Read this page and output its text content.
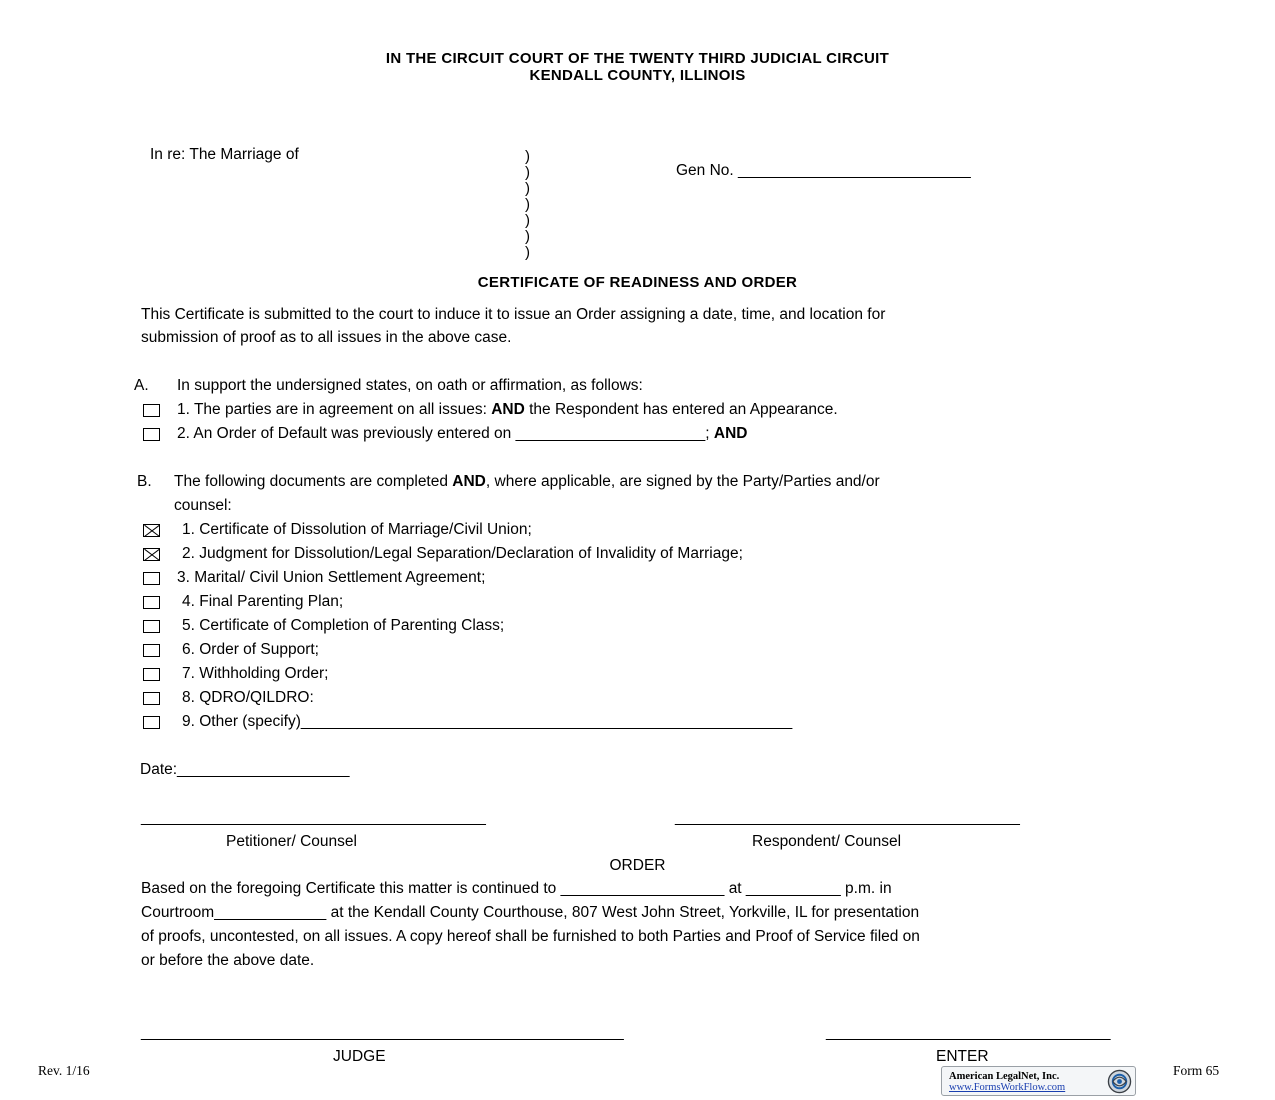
IN THE CIRCUIT COURT OF THE TWENTY THIRD JUDICIAL CIRCUIT
KENDALL COUNTY, ILLINOIS
In re: The Marriage of	)
)
)
)
)
)
)
Gen No. ___________________________
CERTIFICATE OF READINESS AND ORDER
This Certificate is submitted to the court to induce it to issue an Order assigning a date, time, and location for
submission of proof as to all issues in the above case.
A. In support the undersigned states, on oath or affirmation, as follows:
1. The parties are in agreement on all issues: AND the Respondent has entered an Appearance.
2. An Order of Default was previously entered on ______________________; AND
B. The following documents are completed AND, where applicable, are signed by the Party/Parties and/or
counsel:
1. Certificate of Dissolution of Marriage/Civil Union;
2. Judgment for Dissolution/Legal Separation/Declaration of Invalidity of Marriage;
3. Marital/ Civil Union Settlement Agreement;
4. Final Parenting Plan;
5. Certificate of Completion of Parenting Class;
6. Order of Support;
7. Withholding Order;
8. QDRO/QILDRO:
9. Other (specify)_________________________________________________________
Date:____________________
________________________________________	________________________________________
Petitioner/ Counsel	Respondent/ Counsel
ORDER
Based on the foregoing Certificate this matter is continued to ___________________ at ___________ p.m. in
Courtroom_____________ at the Kendall County Courthouse, 807 West John Street, Yorkville, IL for presentation
of proofs, uncontested, on all issues. A copy hereof shall be furnished to both Parties and Proof of Service filed on
or before the above date.
________________________________________________________	_________________________________
JUDGE	ENTER
Rev. 1/16	Form 65
American LegalNet, Inc.
www.FormsWorkFlow.com
